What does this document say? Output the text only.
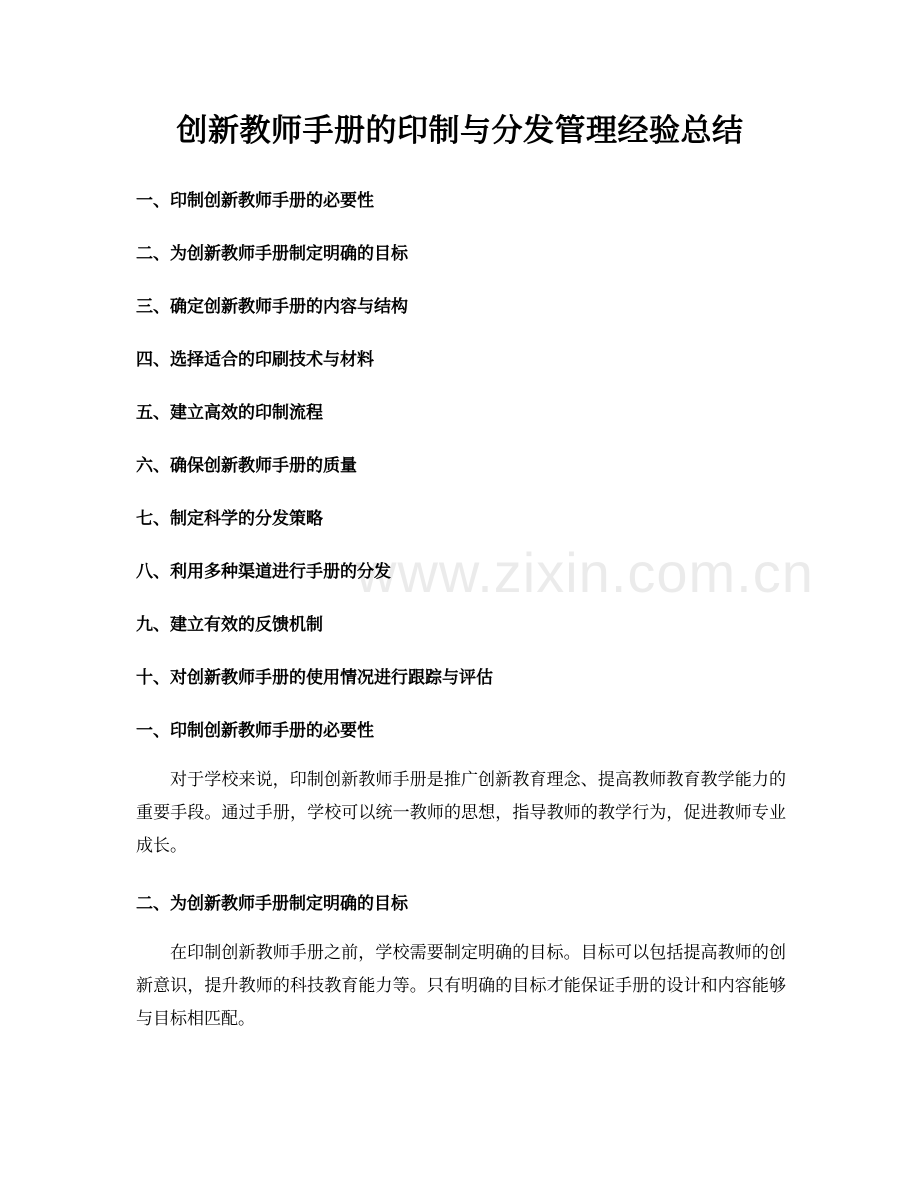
创新教师手册的印制与分发管理经验总结
一、印制创新教师手册的必要性
二、为创新教师手册制定明确的目标
三、确定创新教师手册的内容与结构
四、选择适合的印刷技术与材料
五、建立高效的印制流程
六、确保创新教师手册的质量
七、制定科学的分发策略
八、利用多种渠道进行手册的分发
九、建立有效的反馈机制
十、对创新教师手册的使用情况进行跟踪与评估
一、印制创新教师手册的必要性

对于学校来说，印制创新教师手册是推广创新教育理念、提高教师教育教学能力的重要手段。通过手册，学校可以统一教师的思想，指导教师的教学行为，促进教师专业成长。

二、为创新教师手册制定明确的目标

在印制创新教师手册之前，学校需要制定明确的目标。目标可以包括提高教师的创新意识，提升教师的科技教育能力等。只有明确的目标才能保证手册的设计和内容能够与目标相匹配。

www.zixin.com.cn
